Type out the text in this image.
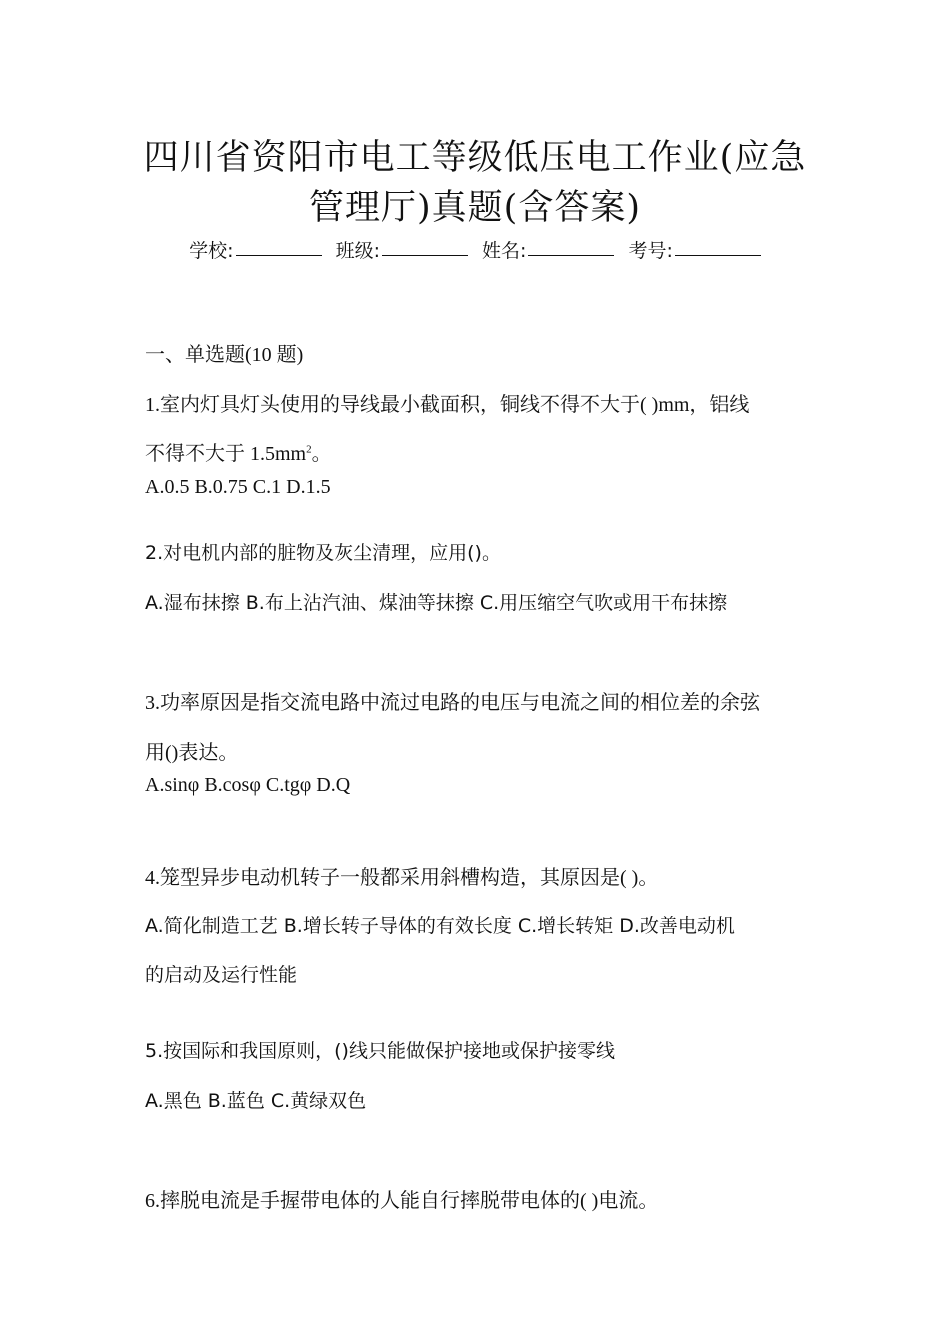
四川省资阳市电工等级低压电工作业(应急
管理厅)真题(含答案)
学校:	班级:	姓名:	考号:
一、单选题(10 题)
1.室内灯具灯头使用的导线最小截面积，铜线不得不大于( )mm，铝线
不得不大于 $1.5mm^2$。
A.0.5 B.0.75 C.1 D.1.5
2.对电机内部的脏物及灰尘清理，应用()。
A.湿布抹擦 B.布上沾汽油、煤油等抹擦 C.用压缩空气吹或用干布抹擦
3.功率原因是指交流电路中流过电路的电压与电流之间的相位差的余弦
用()表达。
A.sinφ B.cosφ C.tgφ D.Q
4.笼型异步电动机转子一般都采用斜槽构造，其原因是( )。
A.简化制造工艺 B.增长转子导体的有效长度 C.增长转矩 D.改善电动机
的启动及运行性能
5.按国际和我国原则，()线只能做保护接地或保护接零线
A.黑色 B.蓝色 C.黄绿双色
6.摔脱电流是手握带电体的人能自行摔脱带电体的( )电流。
